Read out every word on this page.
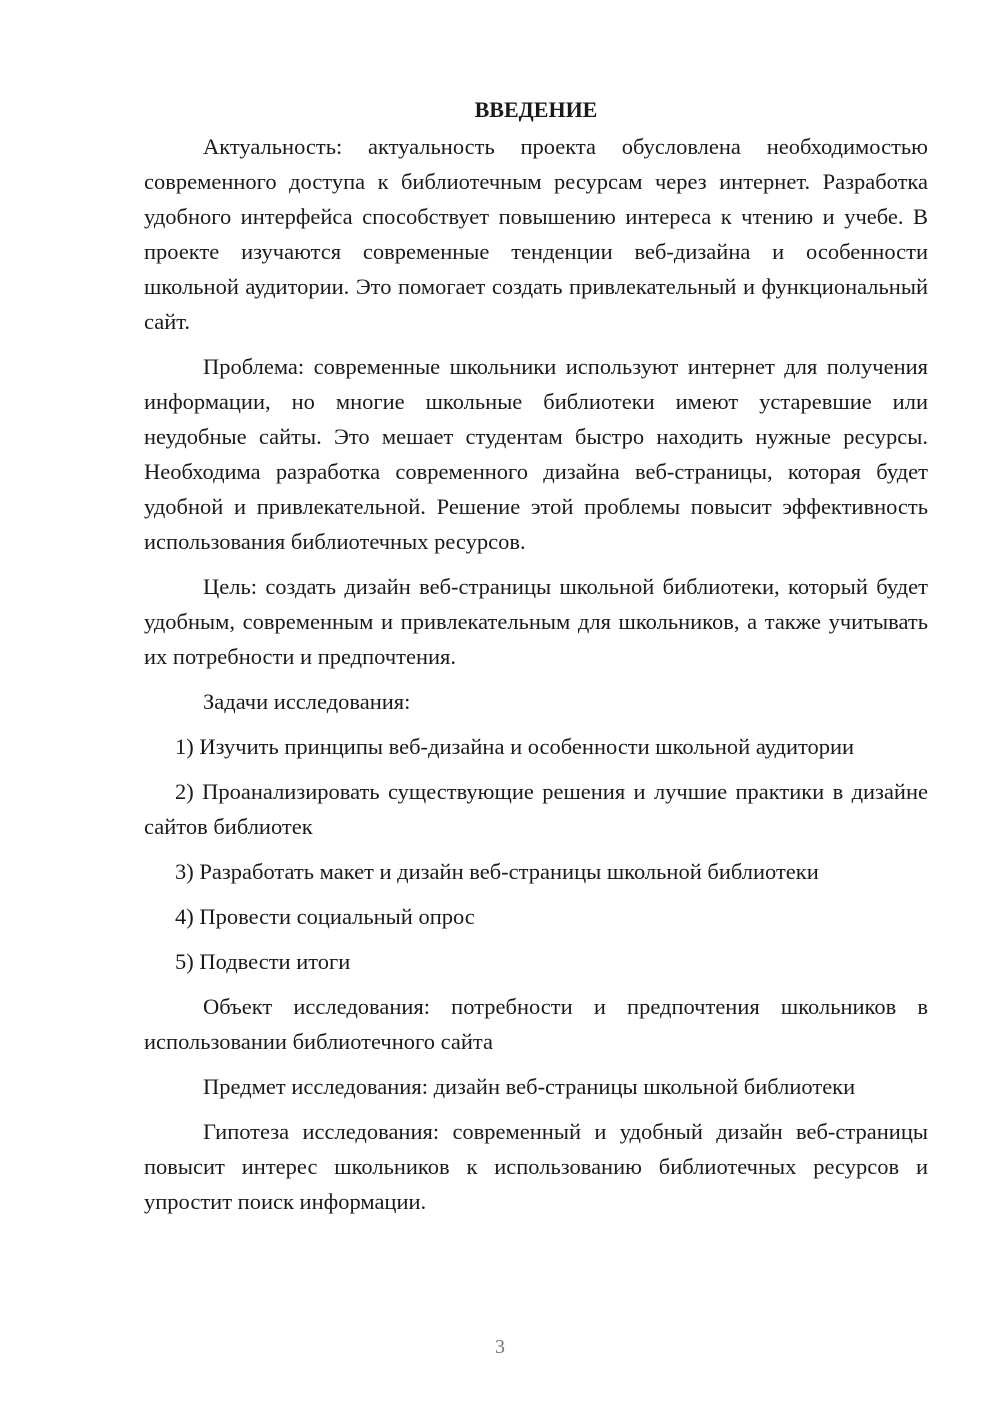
ВВЕДЕНИЕ

Актуальность: актуальность проекта обусловлена необходимостью современного доступа к библиотечным ресурсам через интернет. Разработка удобного интерфейса способствует повышению интереса к чтению и учебе. В проекте изучаются современные тенденции веб-дизайна и особенности школьной аудитории. Это помогает создать привлекательный и функциональный сайт.

Проблема: современные школьники используют интернет для получения информации, но многие школьные библиотеки имеют устаревшие или неудобные сайты. Это мешает студентам быстро находить нужные ресурсы. Необходима разработка современного дизайна веб-страницы, которая будет удобной и привлекательной. Решение этой проблемы повысит эффективность использования библиотечных ресурсов.

Цель: создать дизайн веб-страницы школьной библиотеки, который будет удобным, современным и привлекательным для школьников, а также учитывать их потребности и предпочтения.

Задачи исследования:

1) Изучить принципы веб-дизайна и особенности школьной аудитории

2) Проанализировать существующие решения и лучшие практики в дизайне сайтов библиотек

3) Разработать макет и дизайн веб-страницы школьной библиотеки

4) Провести социальный опрос

5) Подвести итоги

Объект исследования: потребности и предпочтения школьников в использовании библиотечного сайта

Предмет исследования: дизайн веб-страницы школьной библиотеки

Гипотеза исследования: современный и удобный дизайн веб-страницы повысит интерес школьников к использованию библиотечных ресурсов и упростит поиск информации.

3
